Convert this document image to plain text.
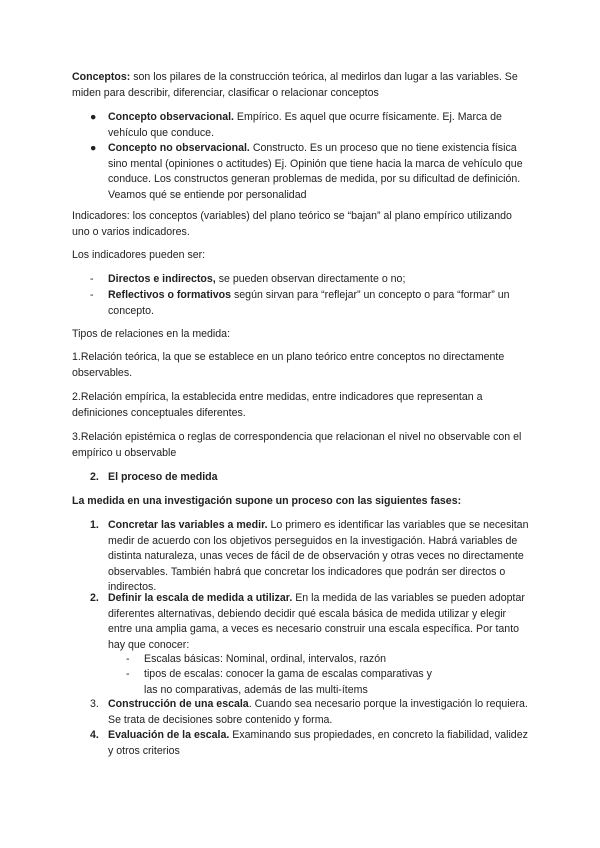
Conceptos: son los pilares de la construcción teórica, al medirlos dan lugar a las variables. Se miden para describir, diferenciar, clasificar o relacionar conceptos

● Concepto observacional. Empírico. Es aquel que ocurre físicamente. Ej. Marca de vehículo que conduce.
● Concepto no observacional. Constructo. Es un proceso que no tiene existencia física sino mental (opiniones o actitudes) Ej. Opinión que tiene hacia la marca de vehículo que conduce. Los constructos generan problemas de medida, por su dificultad de definición. Veamos qué se entiende por personalidad

Indicadores: los conceptos (variables) del plano teórico se “bajan” al plano empírico utilizando uno o varios indicadores.

Los indicadores pueden ser:

- Directos e indirectos, se pueden observan directamente o no;
- Reflectivos o formativos según sirvan para “reflejar” un concepto o para “formar” un concepto.

Tipos de relaciones en la medida:

1.Relación teórica, la que se establece en un plano teórico entre conceptos no directamente observables.

2.Relación empírica, la establecida entre medidas, entre indicadores que representan a definiciones conceptuales diferentes.

3.Relación epistémica o reglas de correspondencia que relacionan el nivel no observable con el empírico u observable

2. El proceso de medida

La medida en una investigación supone un proceso con las siguientes fases:

1. Concretar las variables a medir. Lo primero es identificar las variables que se necesitan medir de acuerdo con los objetivos perseguidos en la investigación. Habrá variables de distinta naturaleza, unas veces de fácil de de observación y otras veces no directamente observables. También habrá que concretar los indicadores que podrán ser directos o indirectos.
2. Definir la escala de medida a utilizar. En la medida de las variables se pueden adoptar diferentes alternativas, debiendo decidir qué escala básica de medida utilizar y elegir entre una amplia gama, a veces es necesario construir una escala específica. Por tanto hay que conocer:
- Escalas básicas: Nominal, ordinal, intervalos, razón
- tipos de escalas: conocer la gama de escalas comparativas y las no comparativas, además de las multi-ítems
3. Construcción de una escala. Cuando sea necesario porque la investigación lo requiera. Se trata de decisiones sobre contenido y forma.
4. Evaluación de la escala. Examinando sus propiedades, en concreto la fiabilidad, validez y otros criterios
